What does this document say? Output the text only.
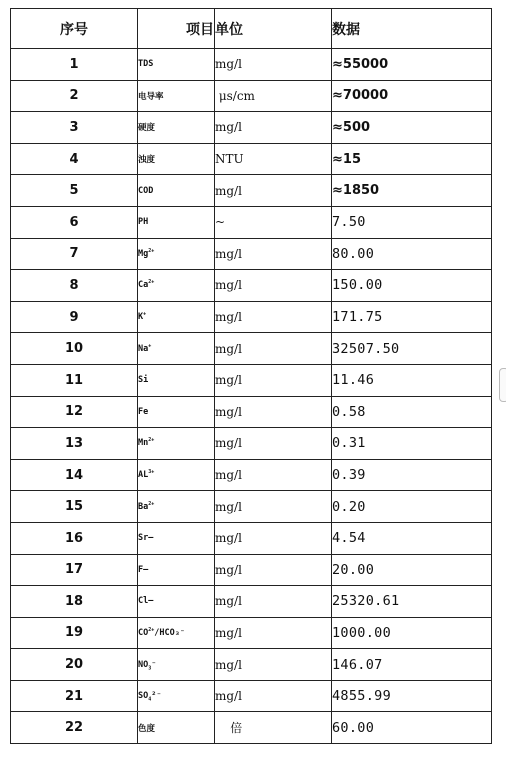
序号	项目	单位	数据
1	TDS	mg/l	≈55000
2	电导率	μs/cm	≈70000
3	硬度	mg/l	≈500
4	浊度	NTU	≈15
5	COD	mg/l	≈1850
6	PH	~	7.50
7	$Mg^{2+}$	mg/l	80.00
8	$Ca^{2+}$	mg/l	150.00
9	K+	mg/l	171.75
10	Na+	mg/l	32507.50
11	Si	mg/l	11.46
12	Fe	mg/l	0.58
13	$Mn^{2+}$	mg/l	0.31
14	$AL^{3+}$	mg/l	0.39
15	$Ba^{2+}$	mg/l	0.20
16	Sr—	mg/l	4.54
17	F—	mg/l	20.00
18	Cl—	mg/l	25320.61
19	$CO^{2+}/HCO_3^-$	mg/l	1000.00
20	$NO_3^-$	mg/l	146.07
21	$SO_4^{2-}$	mg/l	4855.99
22	色度	倍	60.00
